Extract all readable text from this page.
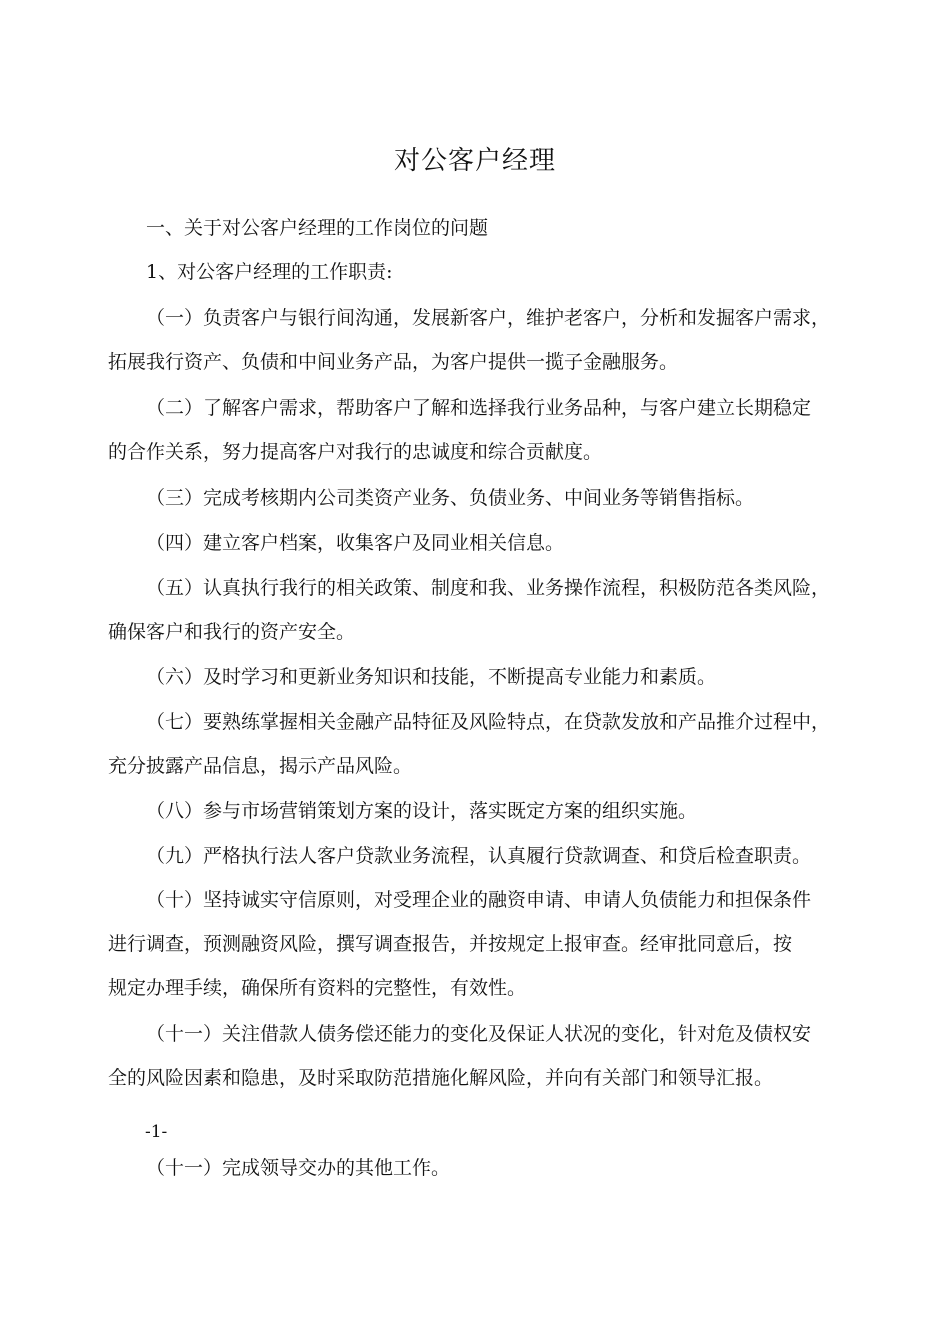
对公客户经理
一、关于对公客户经理的工作岗位的问题
1、对公客户经理的工作职责:
（一）负责客户与银行间沟通，发展新客户，维护老客户，分析和发掘客户需求，
拓展我行资产、负债和中间业务产品，为客户提供一揽子金融服务。
（二）了解客户需求，帮助客户了解和选择我行业务品种，与客户建立长期稳定
的合作关系，努力提高客户对我行的忠诚度和综合贡献度。
（三）完成考核期内公司类资产业务、负债业务、中间业务等销售指标。
（四）建立客户档案，收集客户及同业相关信息。
（五）认真执行我行的相关政策、制度和我、业务操作流程，积极防范各类风险，
确保客户和我行的资产安全。
（六）及时学习和更新业务知识和技能，不断提高专业能力和素质。
（七）要熟练掌握相关金融产品特征及风险特点，在贷款发放和产品推介过程中，
充分披露产品信息，揭示产品风险。
（八）参与市场营销策划方案的设计，落实既定方案的组织实施。
（九）严格执行法人客户贷款业务流程，认真履行贷款调查、和贷后检查职责。
（十）坚持诚实守信原则，对受理企业的融资申请、申请人负债能力和担保条件
进行调查，预测融资风险，撰写调查报告，并按规定上报审查。经审批同意后，按
规定办理手续，确保所有资料的完整性，有效性。
（十一）关注借款人债务偿还能力的变化及保证人状况的变化，针对危及债权安
全的风险因素和隐患，及时采取防范措施化解风险，并向有关部门和领导汇报。
-1-
（十一）完成领导交办的其他工作。
